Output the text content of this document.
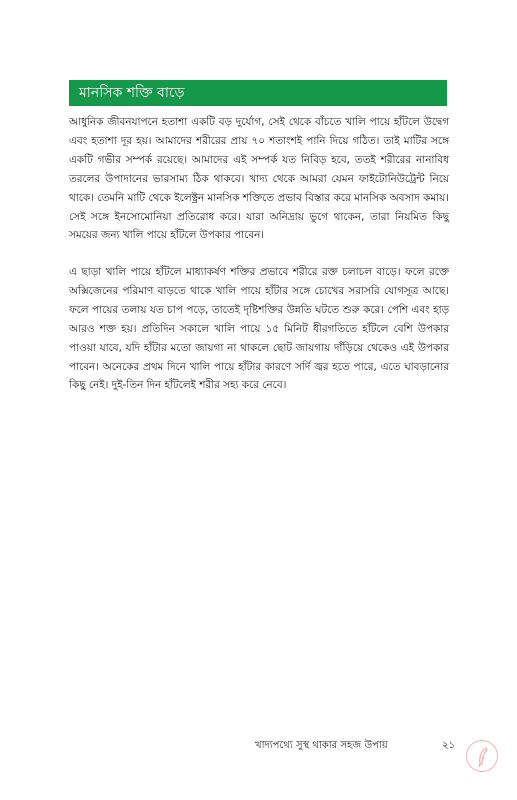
মানসিক শক্তি বাড়ে

আধুনিক জীবনযাপনে হতাশা একটি বড় দুর্যোগ, সেই থেকে বাঁচতে খালি পায়ে হাঁটলে উদ্বেগ এবং হতাশা দূর হয়। আমাদের শরীরের প্রায় ৭০ শতাংশই পানি দিয়ে গঠিত। তাই মাটির সঙ্গে একটি গভীর সম্পর্ক রয়েছে। আমাদের এই সম্পর্ক যত নিবিড় হবে, ততই শরীরের নানাবিধ তরলের উপাদানের ভারসাম্য ঠিক থাকবে। খাদ্য থেকে আমরা যেমন ফাইটোনিউট্রেন্ট নিয়ে থাকে। তেমনি মাটি থেকে ইলেক্ট্রন মানসিক শক্তিতে প্রভাব বিস্তার করে মানসিক অবসাদ কমায়। সেই সঙ্গে ইনসোমোনিয়া প্রতিরোধ করে। যারা অনিদ্রায় ভুগে থাকেন, তারা নিয়মিত কিছু সময়ের জন্য খালি পায়ে হাঁটলে উপকার পাবেন।

এ ছাড়া খালি পায়ে হাঁটলে মাধ্যাকর্ষণ শক্তির প্রভাবে শরীরে রক্ত চলাচল বাড়ে। ফলে রক্তে অক্সিজেনের পরিমাণ বাড়তে থাকে খালি পায়ে হাঁটার সঙ্গে চোখের সরাসরি যোগসূত্র আছে। ফলে পায়ের তলায় যত চাপ পড়ে, তাতেই দৃষ্টিশক্তির উন্নতি ঘটতে শুরু করে। পেশি এবং হাড় আরও শক্ত হয়। প্রতিদিন সকালে খালি পায়ে ১৫ মিনিট ধীরগতিতে হাঁটলে বেশি উপকার পাওয়া যাবে, যদি হাঁটার মতো জায়গা না থাকলে ছোট জায়গায় দাঁড়িয়ে থেকেও এই উপকার পাবেন। অনেকের প্রথম দিনে খালি পায়ে হাঁটার কারণে সর্দি জ্বর হতে পারে, এতে ঘাবড়ানোর কিছু নেই। দুই-তিন দিন হাঁটলেই শরীর সহ্য করে নেবে।

খাদ্যপথ্যে সুস্থ থাকার সহজ উপায়	২১
